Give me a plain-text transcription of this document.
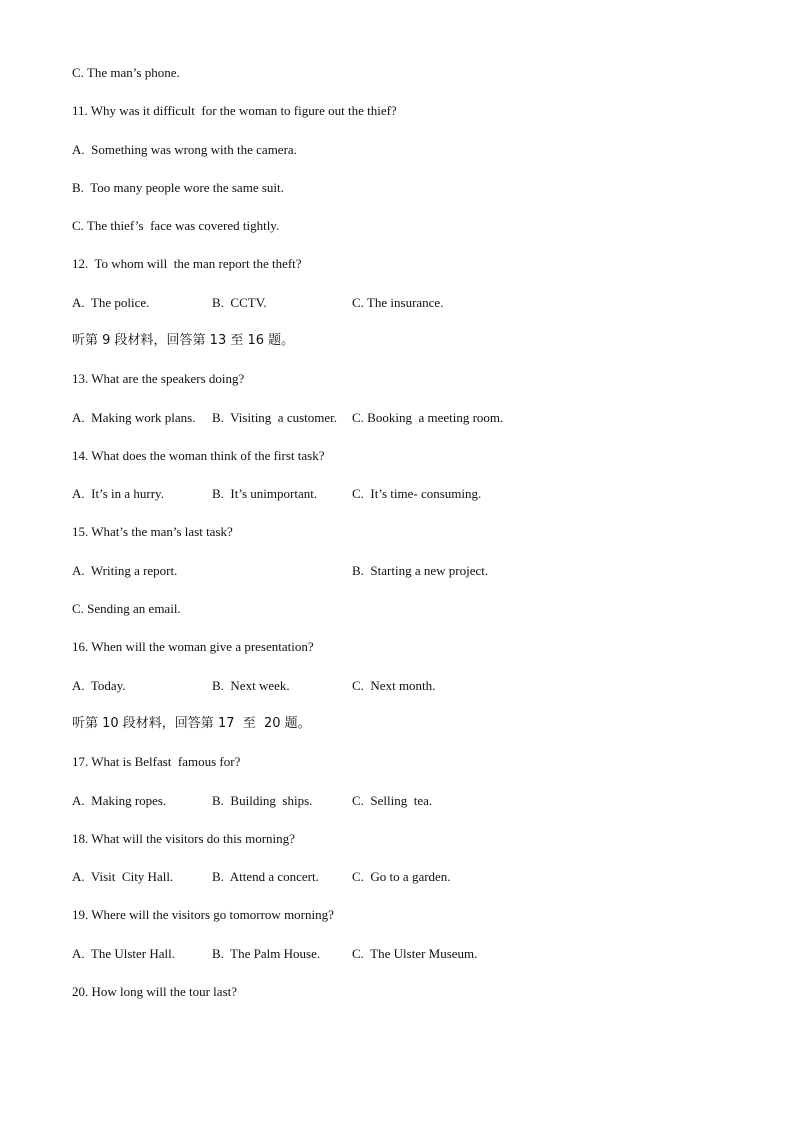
C. The man’s phone.
11. Why was it difficult  for the woman to figure out the thief?
A.  Something was wrong with the camera.
B.  Too many people wore the same suit.
C. The thief’s  face was covered tightly.
12.  To whom will  the man report the theft?
A.  The police.	B.  CCTV.	C. The insurance.
听第 9 段材料，回答第 13 至 16 题。
13. What are the speakers doing?
A.  Making work plans. B.  Visiting  a customer. C. Booking  a meeting room.
14. What does the woman think of the first task?
A.  It’s in a hurry.	B.  It’s unimportant.	C.  It’s time- consuming.
15. What’s the man’s last task?
A.  Writing a report.	B.  Starting a new project.
C. Sending an email.
16. When will the woman give a presentation?
A.  Today.	B.  Next week.	C.  Next month.
听第 10 段材料，回答第 17  至  20 题。
17. What is Belfast  famous for?
A.  Making ropes.	B.  Building  ships.	C.  Selling  tea.
18. What will the visitors do this morning?
A.  Visit  City Hall.	B.  Attend a concert.	C.  Go to a garden.
19. Where will the visitors go tomorrow morning?
A.  The Ulster Hall.	B.  The Palm House. C.  The Ulster Museum.
20. How long will the tour last?
